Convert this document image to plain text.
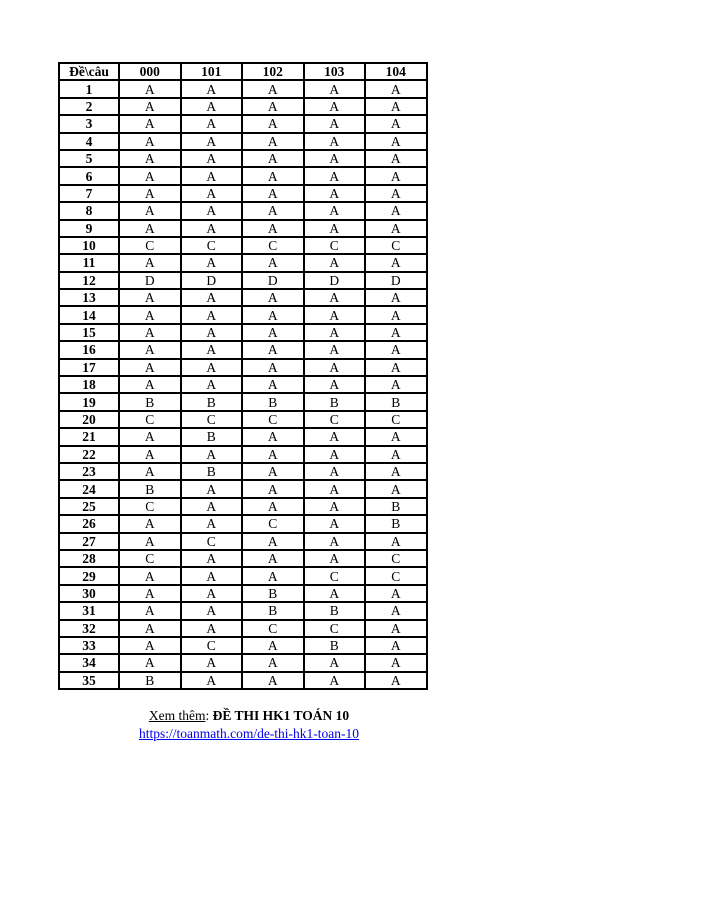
Đề\câu	000	101	102	103	104
1	A	A	A	A	A
2	A	A	A	A	A
3	A	A	A	A	A
4	A	A	A	A	A
5	A	A	A	A	A
6	A	A	A	A	A
7	A	A	A	A	A
8	A	A	A	A	A
9	A	A	A	A	A
10	C	C	C	C	C
11	A	A	A	A	A
12	D	D	D	D	D
13	A	A	A	A	A
14	A	A	A	A	A
15	A	A	A	A	A
16	A	A	A	A	A
17	A	A	A	A	A
18	A	A	A	A	A
19	B	B	B	B	B
20	C	C	C	C	C
21	A	B	A	A	A
22	A	A	A	A	A
23	A	B	A	A	A
24	B	A	A	A	A
25	C	A	A	A	B
26	A	A	C	A	B
27	A	C	A	A	A
28	C	A	A	A	C
29	A	A	A	C	C
30	A	A	B	A	A
31	A	A	B	B	A
32	A	A	C	C	A
33	A	C	A	B	A
34	A	A	A	A	A
35	B	A	A	A	A
Xem thêm: ĐỀ THI HK1 TOÁN 10
https://toanmath.com/de-thi-hk1-toan-10
